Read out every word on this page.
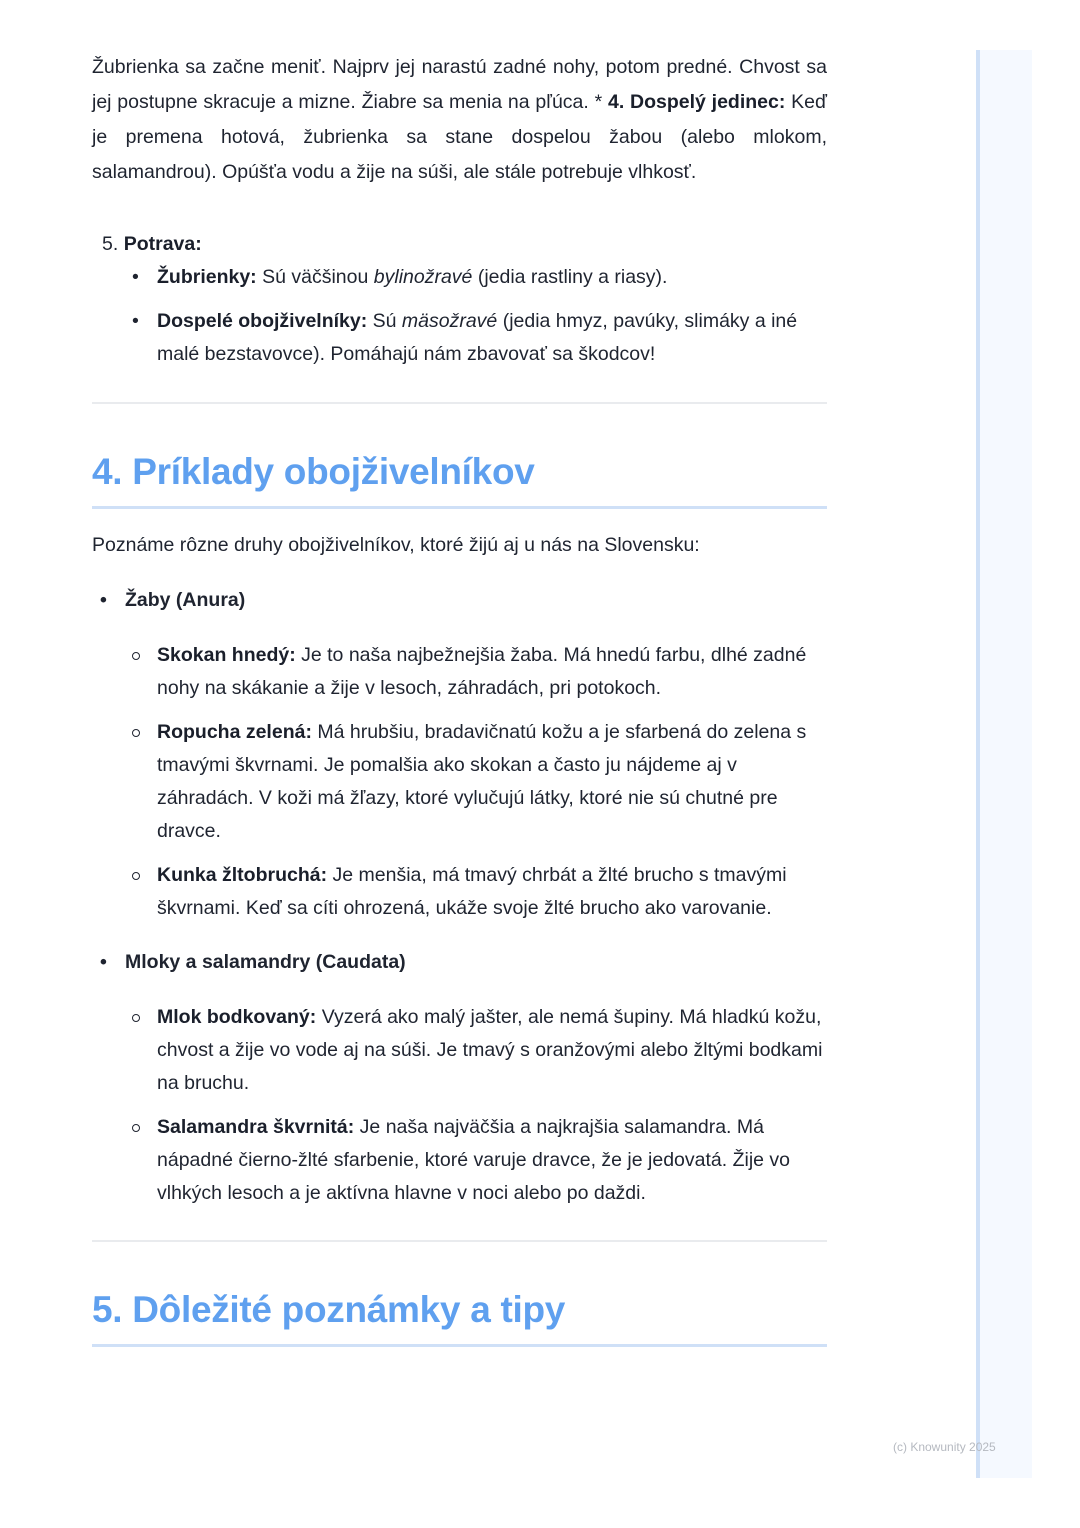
Žubrienka sa začne meniť. Najprv jej narastú zadné nohy, potom predné. Chvost sa jej postupne skracuje a mizne. Žiabre sa menia na pľúca. * 4. Dospelý jedinec: Keď je premena hotová, žubrienka sa stane dospelou žabou (alebo mlokom, salamandrou). Opúšťa vodu a žije na súši, ale stále potrebuje vlhkosť.

5. Potrava:
• Žubrienky: Sú väčšinou bylinožravé (jedia rastliny a riasy).
• Dospelé obojživelníky: Sú mäsožravé (jedia hmyz, pavúky, slimáky a iné malé bezstavovce). Pomáhajú nám zbavovať sa škodcov!
4. Príklady obojživelníkov

Poznáme rôzne druhy obojživelníkov, ktoré žijú aj u nás na Slovensku:

• Žaby (Anura)
Skokan hnedý: Je to naša najbežnejšia žaba. Má hnedú farbu, dlhé zadné nohy na skákanie a žije v lesoch, záhradách, pri potokoch.
Ropucha zelená: Má hrubšiu, bradavičnatú kožu a je sfarbená do zelena s tmavými škvrnami. Je pomalšia ako skokan a často ju nájdeme aj v záhradách. V koži má žľazy, ktoré vylučujú látky, ktoré nie sú chutné pre dravce.
Kunka žltobruchá: Je menšia, má tmavý chrbát a žlté brucho s tmavými škvrnami. Keď sa cíti ohrozená, ukáže svoje žlté brucho ako varovanie.
• Mloky a salamandry (Caudata)
Mlok bodkovaný: Vyzerá ako malý jašter, ale nemá šupiny. Má hladkú kožu, chvost a žije vo vode aj na súši. Je tmavý s oranžovými alebo žltými bodkami na bruchu.
Salamandra škvrnitá: Je naša najväčšia a najkrajšia salamandra. Má nápadné čierno-žlté sfarbenie, ktoré varuje dravce, že je jedovatá. Žije vo vlhkých lesoch a je aktívna hlavne v noci alebo po daždi.
5. Dôležité poznámky a tipy
(c) Knowunity 2025
